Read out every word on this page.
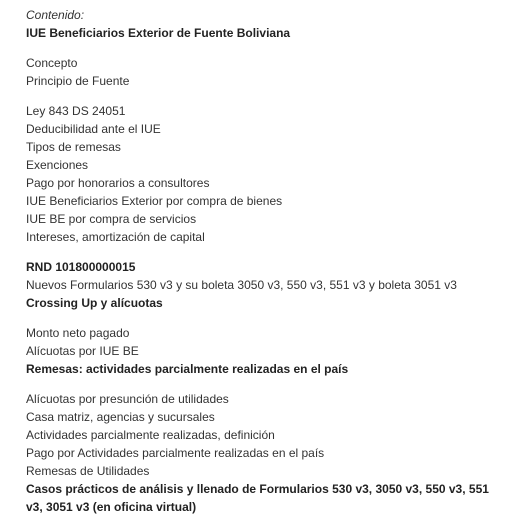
Contenido:
IUE Beneficiarios Exterior de Fuente Boliviana
Concepto
Principio de Fuente
Ley 843 DS 24051
Deducibilidad ante el IUE
Tipos de remesas
Exenciones
Pago por honorarios a consultores
IUE Beneficiarios Exterior por compra de bienes
IUE BE por compra de servicios
Intereses, amortización de capital
RND 101800000015
Nuevos Formularios 530 v3 y su boleta 3050 v3, 550 v3, 551 v3 y boleta 3051 v3
Crossing Up y alícuotas
Monto neto pagado
Alícuotas por IUE BE
Remesas: actividades parcialmente realizadas en el país
Alícuotas por presunción de utilidades
Casa matriz, agencias y sucursales
Actividades parcialmente realizadas, definición
Pago por Actividades parcialmente realizadas en el país
Remesas de Utilidades
Casos prácticos de análisis y llenado de Formularios 530 v3, 3050 v3, 550 v3, 551 v3, 3051 v3 (en oficina virtual)
